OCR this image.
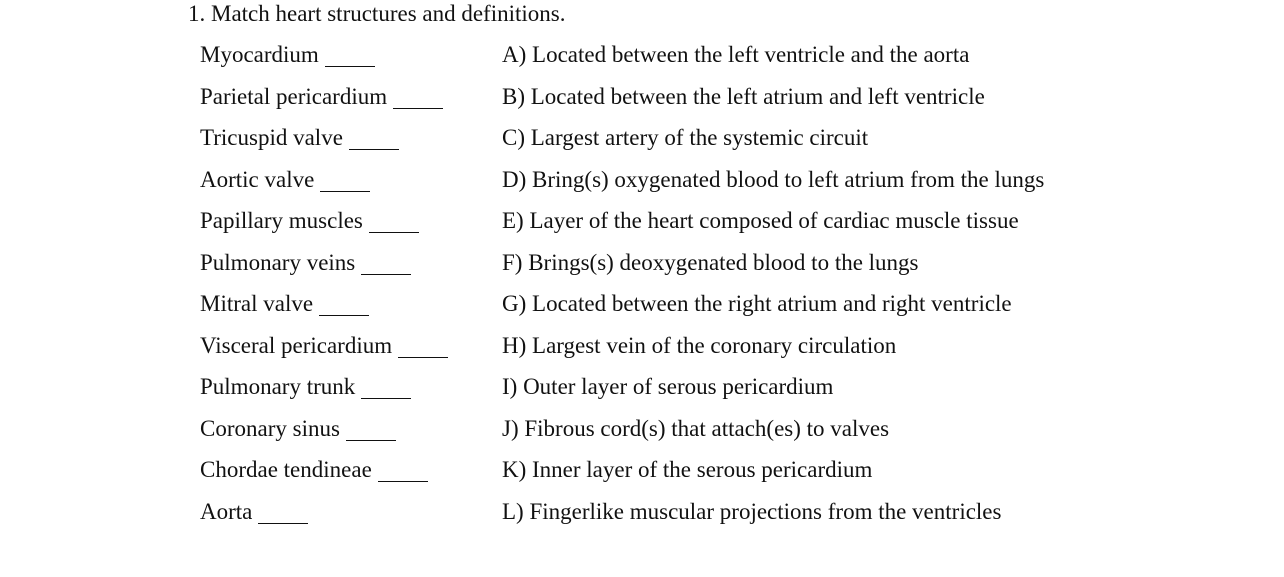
1. Match heart structures and definitions.
Myocardium
Parietal pericardium
Tricuspid valve
Aortic valve
Papillary muscles
Pulmonary veins
Mitral valve
Visceral pericardium
Pulmonary trunk
Coronary sinus
Chordae tendineae
Aorta
A) Located between the left ventricle and the aorta
B) Located between the left atrium and left ventricle
C) Largest artery of the systemic circuit
D) Bring(s) oxygenated blood to left atrium from the lungs
E) Layer of the heart composed of cardiac muscle tissue
F) Brings(s) deoxygenated blood to the lungs
G) Located between the right atrium and right ventricle
H) Largest vein of the coronary circulation
I) Outer layer of serous pericardium
J) Fibrous cord(s) that attach(es) to valves
K) Inner layer of the serous pericardium
L) Fingerlike muscular projections from the ventricles
